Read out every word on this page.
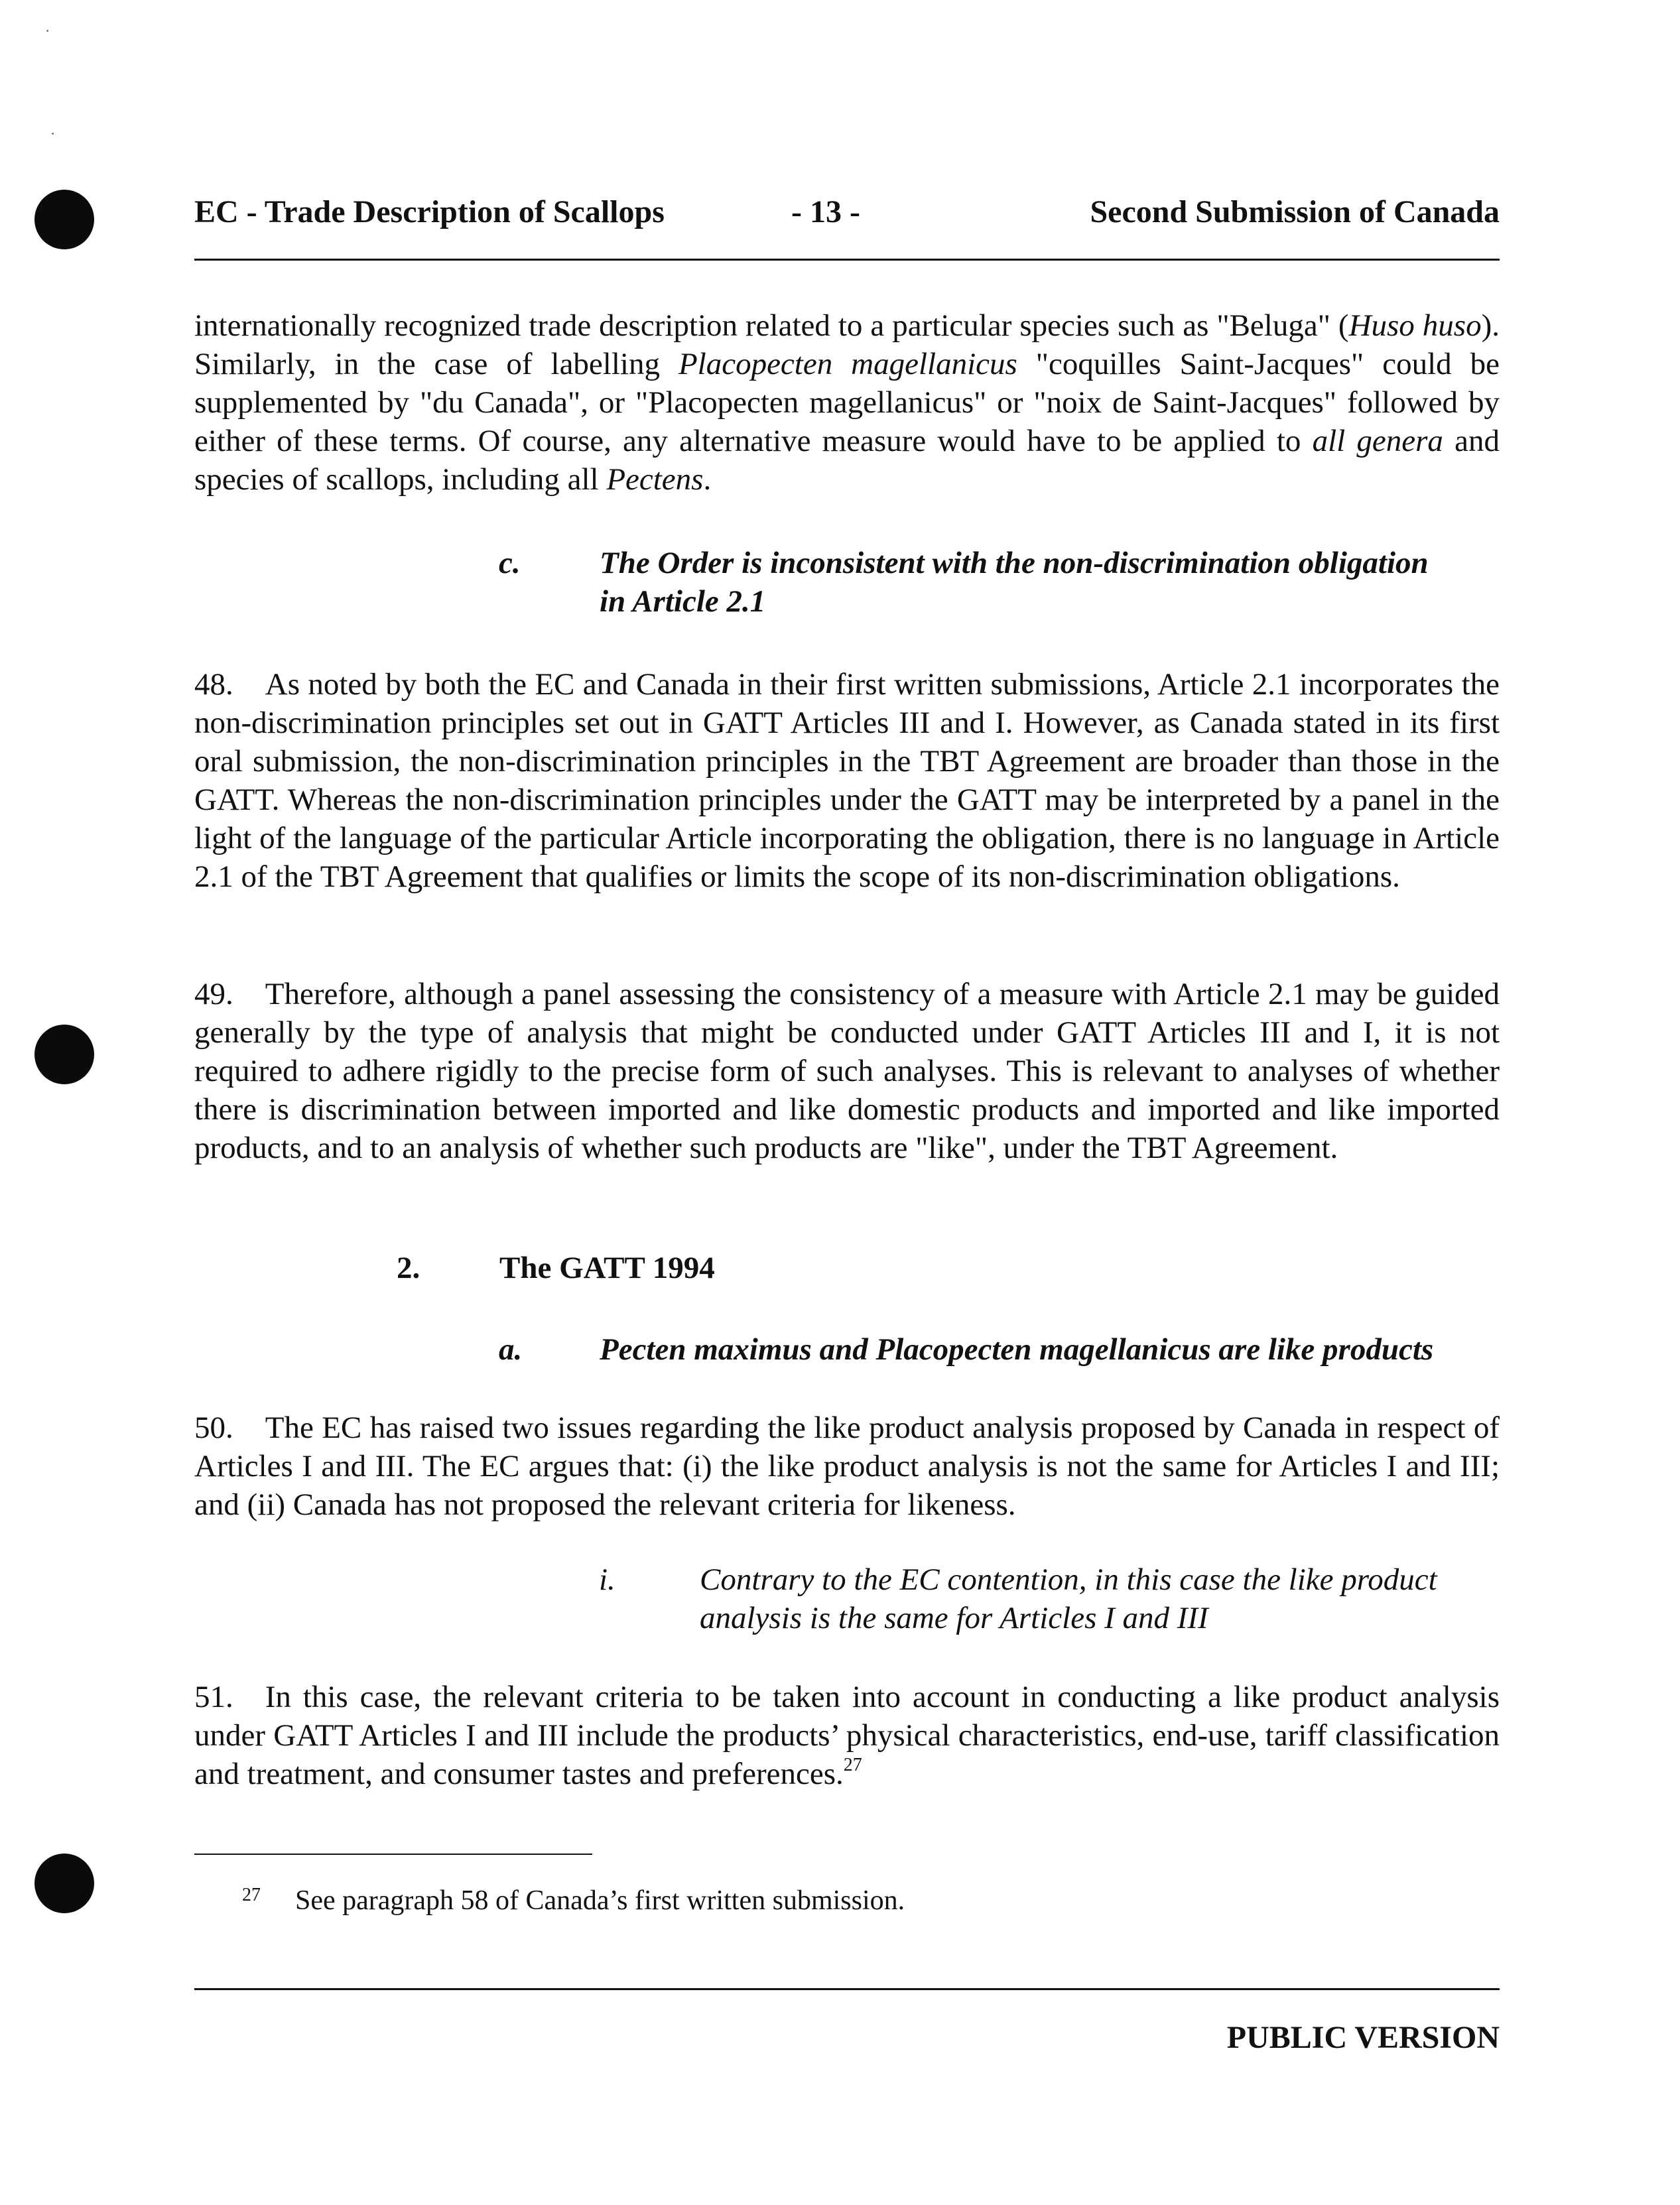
EC - Trade Description of Scallops	- 13 -	Second Submission of Canada

internationally recognized trade description related to a particular species such as "Beluga" (Huso huso). Similarly, in the case of labelling Placopecten magellanicus "coquilles Saint-Jacques" could be supplemented by "du Canada", or "Placopecten magellanicus" or "noix de Saint-Jacques" followed by either of these terms. Of course, any alternative measure would have to be applied to all genera and species of scallops, including all Pectens.

c.	The Order is inconsistent with the non-discrimination obligation
in Article 2.1

48. As noted by both the EC and Canada in their first written submissions, Article 2.1 incorporates the non-discrimination principles set out in GATT Articles III and I. However, as Canada stated in its first oral submission, the non-discrimination principles in the TBT Agreement are broader than those in the GATT. Whereas the non-discrimination principles under the GATT may be interpreted by a panel in the light of the language of the particular Article incorporating the obligation, there is no language in Article 2.1 of the TBT Agreement that qualifies or limits the scope of its non-discrimination obligations.

49. Therefore, although a panel assessing the consistency of a measure with Article 2.1 may be guided generally by the type of analysis that might be conducted under GATT Articles III and I, it is not required to adhere rigidly to the precise form of such analyses. This is relevant to analyses of whether there is discrimination between imported and like domestic products and imported and like imported products, and to an analysis of whether such products are "like", under the TBT Agreement.

2.	The GATT 1994
a. Pecten maximus and Placopecten magellanicus are like products

50. The EC has raised two issues regarding the like product analysis proposed by Canada in respect of Articles I and III. The EC argues that: (i) the like product analysis is not the same for Articles I and III; and (ii) Canada has not proposed the relevant criteria for likeness.

i.	Contrary to the EC contention, in this case the like product
analysis is the same for Articles I and III

51. In this case, the relevant criteria to be taken into account in conducting a like product analysis under GATT Articles I and III include the products’ physical characteristics, end-use, tariff classification and treatment, and consumer tastes and preferences.$^{27}$

27 See paragraph 58 of Canada’s first written submission.
PUBLIC VERSION
